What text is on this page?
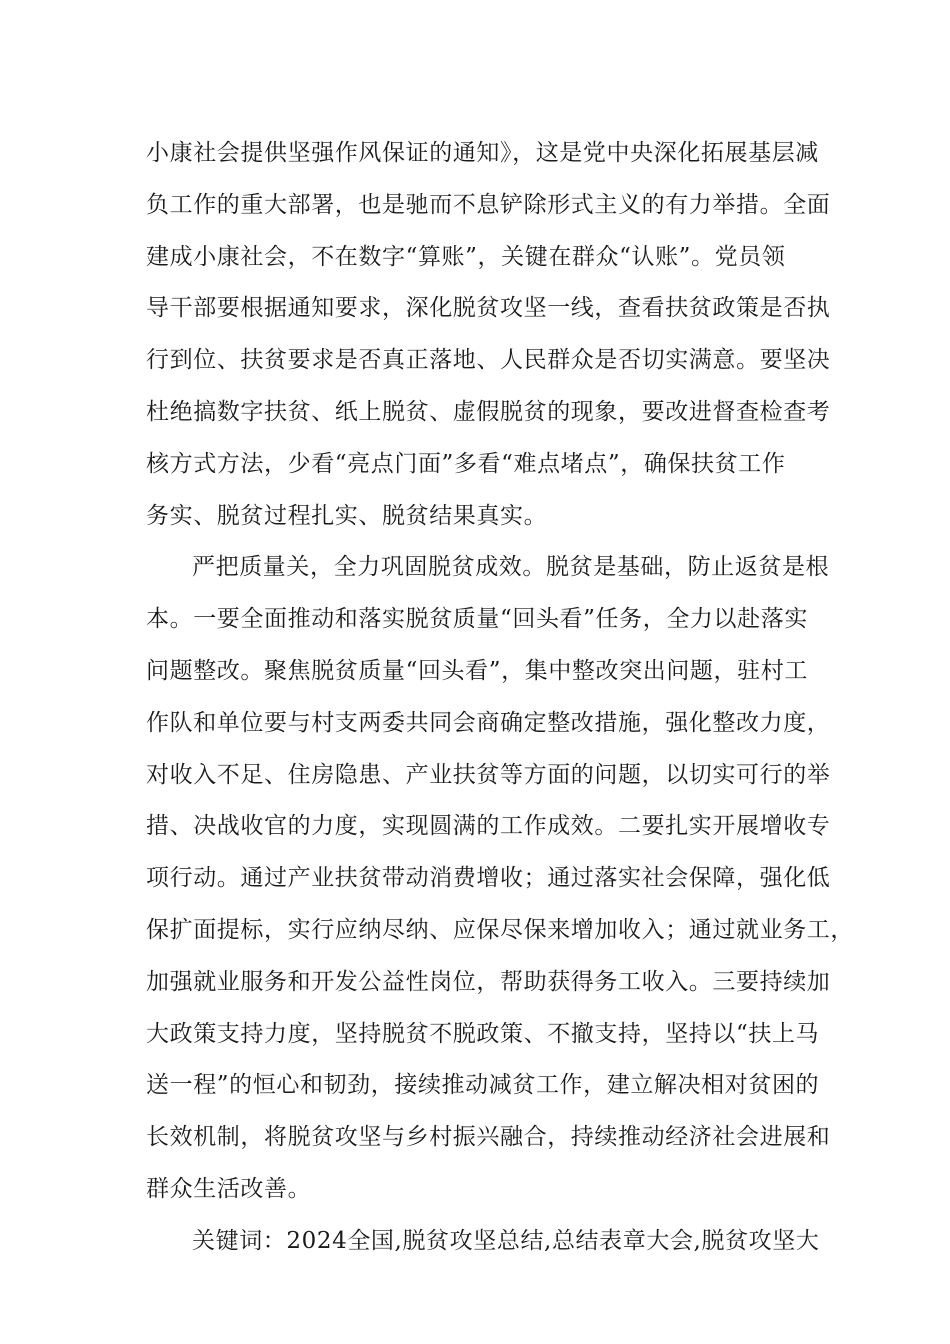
小康社会提供坚强作风保证的通知》，这是党中央深化拓展基层减
负工作的重大部署，也是驰而不息铲除形式主义的有力举措。全面
建成小康社会，不在数字“算账”，关键在群众“认账”。党员领
导干部要根据通知要求，深化脱贫攻坚一线，查看扶贫政策是否执
行到位、扶贫要求是否真正落地、人民群众是否切实满意。要坚决
杜绝搞数字扶贫、纸上脱贫、虚假脱贫的现象，要改进督查检查考
核方式方法，少看“亮点门面”多看“难点堵点”，确保扶贫工作
务实、脱贫过程扎实、脱贫结果真实。
严把质量关，全力巩固脱贫成效。脱贫是基础，防止返贫是根
本。一要全面推动和落实脱贫质量“回头看”任务，全力以赴落实
问题整改。聚焦脱贫质量“回头看”，集中整改突出问题，驻村工
作队和单位要与村支两委共同会商确定整改措施，强化整改力度，
对收入不足、住房隐患、产业扶贫等方面的问题，以切实可行的举
措、决战收官的力度，实现圆满的工作成效。二要扎实开展增收专
项行动。通过产业扶贫带动消费增收；通过落实社会保障，强化低
保扩面提标，实行应纳尽纳、应保尽保来增加收入；通过就业务工，
加强就业服务和开发公益性岗位，帮助获得务工收入。三要持续加
大政策支持力度，坚持脱贫不脱政策、不撤支持，坚持以“扶上马
送一程”的恒心和韧劲，接续推动减贫工作，建立解决相对贫困的
长效机制，将脱贫攻坚与乡村振兴融合，持续推动经济社会进展和
群众生活改善。
关键词：2024全国,脱贫攻坚总结,总结表章大会,脱贫攻坚大
